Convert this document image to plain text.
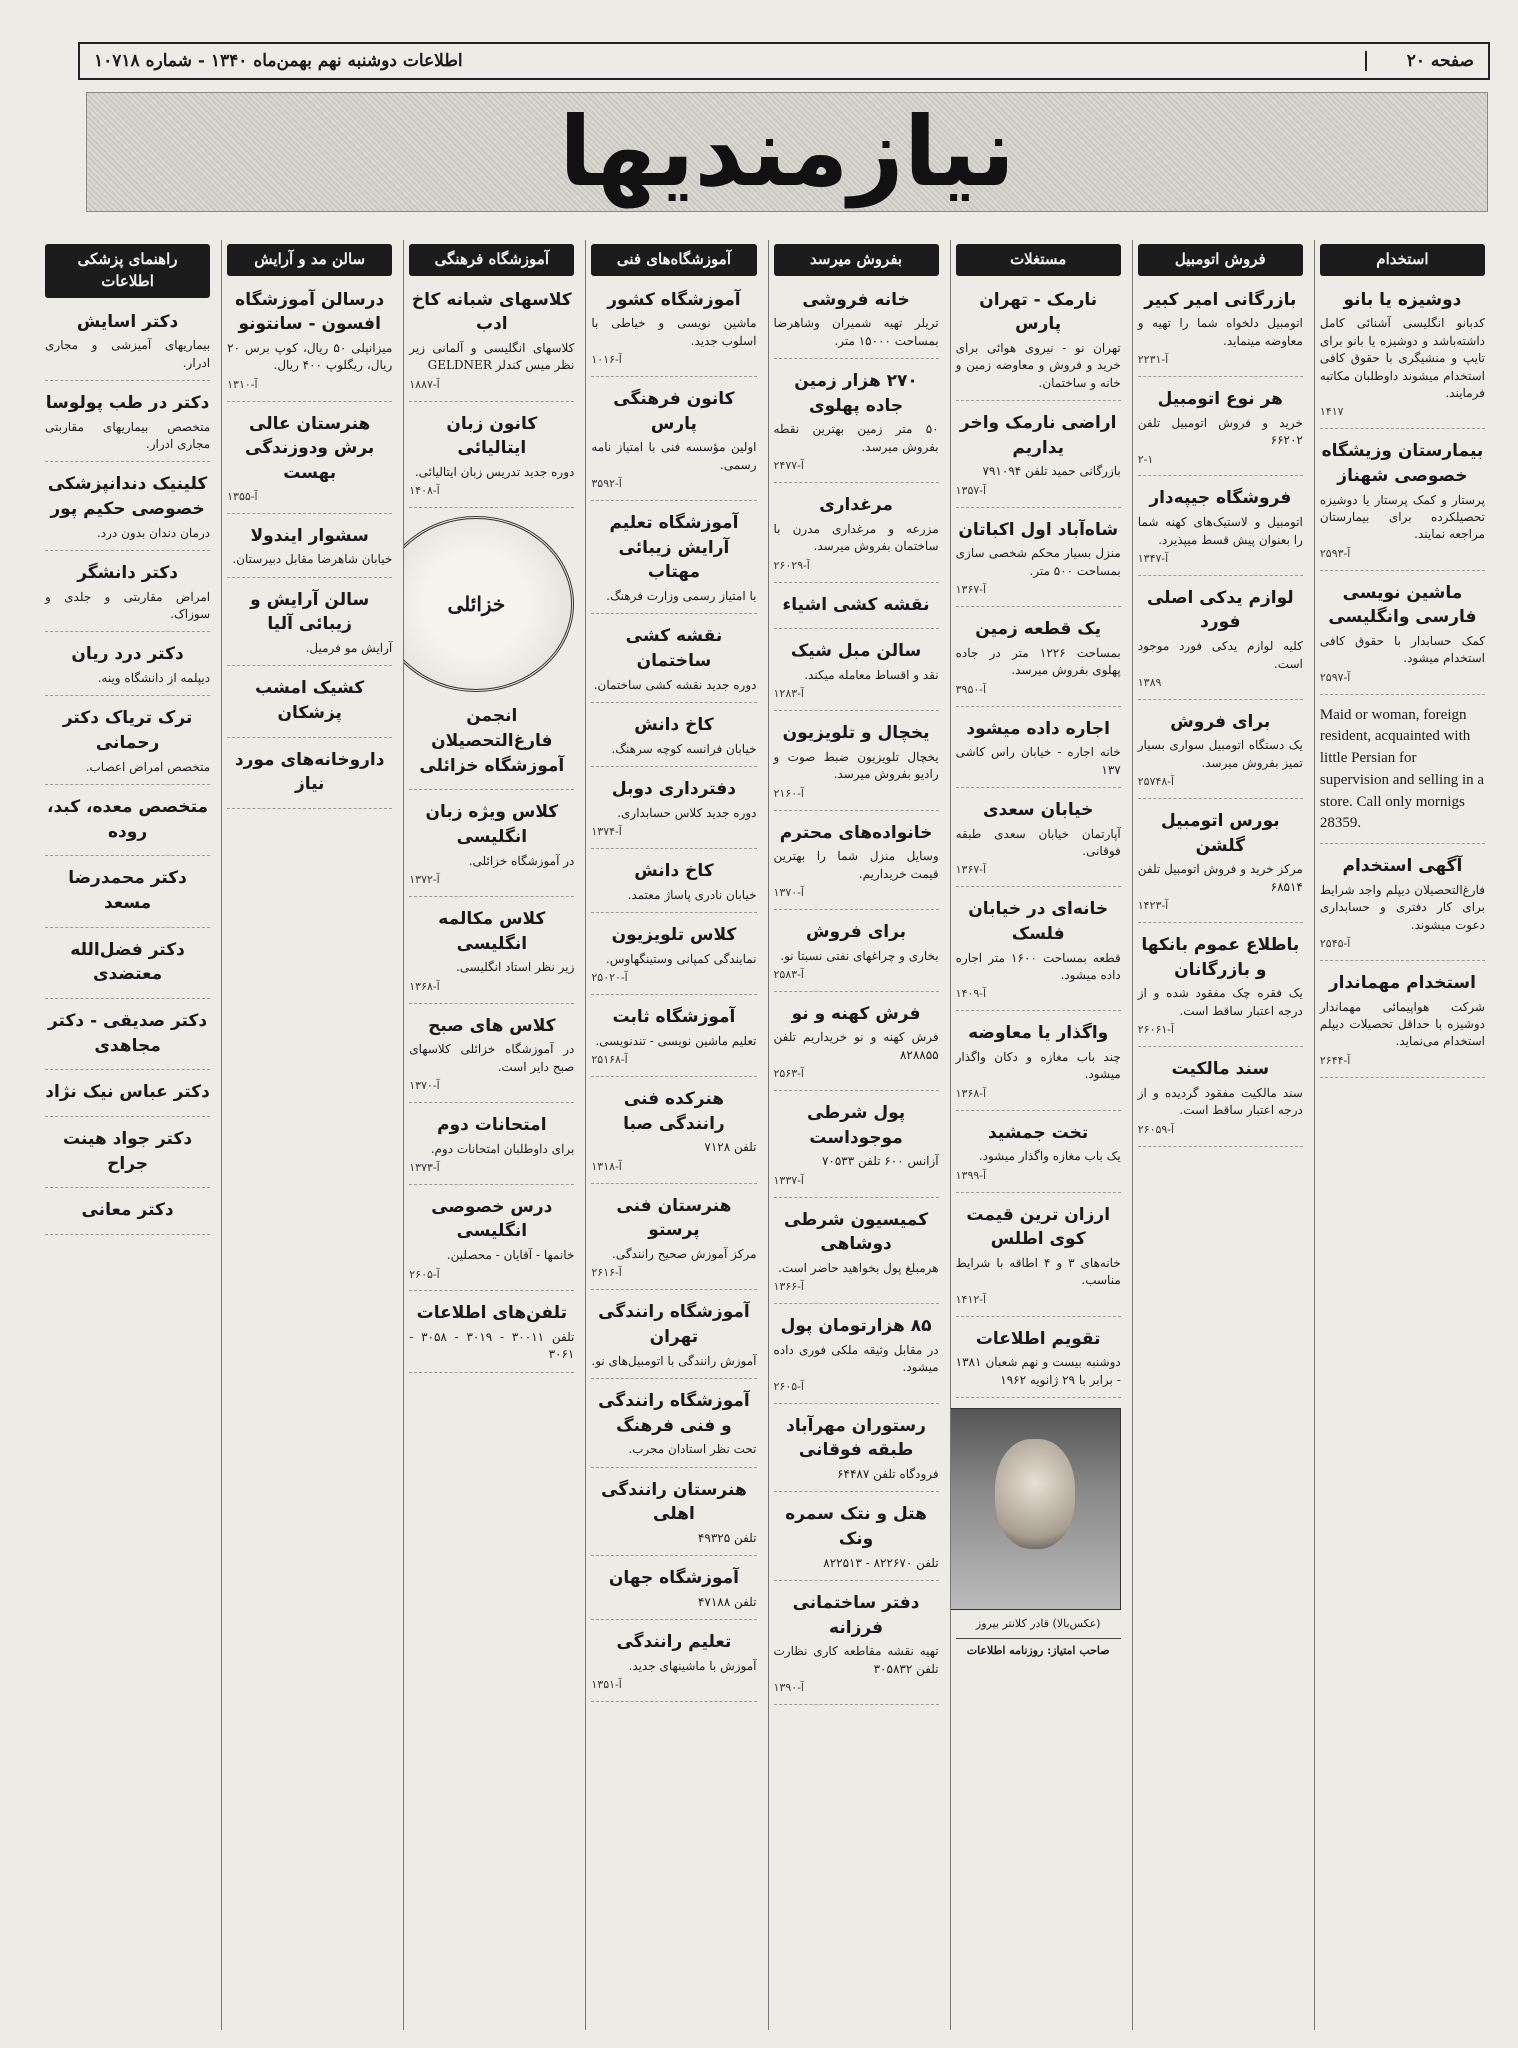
صفحه ۲۰
اطلاعات دوشنبه نهم بهمن‌ماه ۱۳۴۰ - شماره ۱۰۷۱۸
نیازمندیها
استخدام
دوشیزه یا بانو
کدبانو انگلیسی آشنائی کامل داشته‌باشد و دوشیزه یا بانو برای تایپ و منشیگری با حقوق کافی استخدام میشوند داوطلبان مکاتبه فرمایند.
۱۴۱۷
بیمارستان وزیشگاه خصوصی شهناز
پرستار و کمک پرستار یا دوشیزه تحصیلکرده برای بیمارستان مراجعه نمایند.
آ-۲۵۹۳
ماشین نویسی فارسی وانگلیسی
کمک حسابدار با حقوق کافی استخدام میشود.
آ-۲۵۹۷
Maid or woman, foreign resident, acquainted with little Persian for supervision and selling in a store. Call only mornigs 28359.
آگهی استخدام
فارغ‌التحصیلان دیپلم واجد شرایط برای کار دفتری و حسابداری دعوت میشوند.
آ-۲۵۴۵
استخدام مهماندار
شرکت هواپیمائی مهماندار دوشیزه با حداقل تحصیلات دیپلم استخدام می‌نماید.
آ-۲۶۴۴
فروش اتومبیل
بازرگانی امیر کبیر
اتومبیل دلخواه شما را تهیه و معاوضه مینماید.
آ-۲۲۳۱
هر نوع اتومبیل
خرید و فروش اتومبیل تلفن ۶۶۲۰۲
۲-۱
فروشگاه جیپه‌دار
اتومبیل و لاستیک‌های کهنه شما را بعنوان پیش قسط میپذیرد.
آ-۱۳۴۷
لوازم یدکی اصلی فورد
کلیه لوازم یدکی فورد موجود است.
۱۳۸۹
برای فروش
یک دستگاه اتومبیل سواری بسیار تمیز بفروش میرسد.
آ-۲۵۷۴۸
بورس اتومبیل گلشن
مرکز خرید و فروش اتومبیل تلفن ۶۸۵۱۴
آ-۱۴۲۳
باطلاع عموم بانکها و بازرگانان
یک فقره چک مفقود شده و از درجه اعتبار ساقط است.
آ-۲۶۰۶۱
سند مالکیت
سند مالکیت مفقود گردیده و از درجه اعتبار ساقط است.
آ-۲۶۰۵۹
مستغلات
نارمک - تهران پارس
تهران نو - نیروی هوائی برای خرید و فروش و معاوضه زمین و خانه و ساختمان.
اراضی نارمک واخر یداریم
بازرگانی حمید تلفن ۷۹۱۰۹۴
آ-۱۳۵۷
شاه‌آباد اول اکباتان
منزل بسیار محکم شخصی سازی بمساحت ۵۰۰ متر.
آ-۱۳۶۷
یک قطعه زمین
بمساحت ۱۲۲۶ متر در جاده پهلوی بفروش میرسد.
آ-۳۹۵۰
اجاره داده میشود
خانه اجاره - خیابان راس کاشی ۱۳۷
خیابان سعدی
آپارتمان خیابان سعدی طبقه فوقانی.
آ-۱۳۶۷
خانه‌ای در خیابان فلسک
قطعه بمساحت ۱۶۰۰ متر اجاره داده میشود.
آ-۱۴۰۹
واگذار یا معاوضه
چند باب مغازه و دکان واگذار میشود.
آ-۱۳۶۸
تخت جمشید
یک باب مغازه واگذار میشود.
آ-۱۳۹۹
ارزان ترین قیمت کوی اطلس
خانه‌های ۳ و ۴ اطاقه با شرایط مناسب.
آ-۱۴۱۲
تقویم اطلاعات
دوشنبه بیست و نهم شعبان ۱۳۸۱ - برابر با ۲۹ ژانویه ۱۹۶۲
(عکس‌بالا) قادر کلانتر بیروز
صاحب امتیاز: روزنامه اطلاعات
بفروش میرسد
خانه فروشی
تریلر تهیه شمیران وشاهرضا بمساحت ۱۵۰۰۰ متر.
۲۷۰ هزار زمین جاده پهلوی
۵۰ متر زمین بهترین نقطه بفروش میرسد.
آ-۲۴۷۷
مرغداری
مزرعه و مرغداری مدرن با ساختمان بفروش میرسد.
آ-۲۶۰۲۹
نقشه کشی اشیاء
سالن مبل شیک
نقد و اقساط معامله میکند.
آ-۱۲۸۳
یخچال و تلویزیون
یخچال تلویزیون ضبط صوت و رادیو بفروش میرسد.
آ-۲۱۶۰
خانواده‌های محترم
وسایل منزل شما را بهترین قیمت خریداریم.
آ-۱۳۷۰
برای فروش
بخاری و چراغهای نفتی نسبتا نو.
آ-۲۵۸۳
فرش کهنه و نو
فرش کهنه و نو خریداریم تلفن ۸۲۸۸۵۵
آ-۲۵۶۳
پول شرطی موجوداست
آزانس ۶۰۰ تلفن ۷۰۵۳۳
آ-۱۳۳۷
کمیسیون شرطی دوشاهی
هرمبلغ پول بخواهید حاضر است.
آ-۱۳۶۶
۸۵ هزارتومان پول
در مقابل وثیقه ملکی فوری داده میشود.
آ-۲۶۰۵
رستوران مهرآباد طبقه فوقانی
فرودگاه تلفن ۶۴۴۸۷
هتل و نتک سمره ونک
تلفن ۸۲۲۶۷۰ - ۸۲۲۵۱۳
دفتر ساختمانی فرزانه
تهیه نقشه مقاطعه کاری نظارت تلفن ۳۰۵۸۳۲
آ-۱۳۹۰
آموزشگاه‌های فنی
آموزشگاه کشور
ماشین نویسی و خیاطی با اسلوب جدید.
آ-۱۰۱۶
کانون فرهنگی پارس
اولین مؤسسه فنی با امتیاز نامه رسمی.
آ-۳۵۹۲
آموزشگاه تعلیم آرایش زیبائی مهتاب
با امتیاز رسمی وزارت فرهنگ.
نقشه کشی ساختمان
دوره جدید نقشه کشی ساختمان.
کاخ دانش
خیابان فرانسه کوچه سرهنگ.
دفترداری دوبل
دوره جدید کلاس حسابداری.
آ-۱۳۷۴
کاخ دانش
خیابان نادری پاساژ معتمد.
کلاس تلویزیون
نمایندگی کمپانی وستینگهاوس.
آ-۲۵۰۲۰
آموزشگاه ثابت
تعلیم ماشین نویسی - تندنویسی.
آ-۲۵۱۶۸
هنرکده فنی رانندگی صبا
تلفن ۷۱۲۸
آ-۱۳۱۸
هنرستان فنی پرستو
مرکز آموزش صحیح رانندگی.
آ-۲۶۱۶
آموزشگاه رانندگی تهران
آموزش رانندگی با اتومبیل‌های نو.
آموزشگاه رانندگی و فنی فرهنگ
تحت نظر استادان مجرب.
هنرستان رانندگی اهلی
تلفن ۴۹۳۲۵
آموزشگاه جهان
تلفن ۴۷۱۸۸
تعلیم رانندگی
آموزش با ماشینهای جدید.
آ-۱۳۵۱
آموزشگاه فرهنگی
کلاسهای شبانه کاخ ادب
کلاسهای انگلیسی و آلمانی زیر نظر میس کندلر GELDNER
آ-۱۸۸۷
کانون زبان ایتالیائی
دوره جدید تدریس زبان ایتالیائی.
آ-۱۴۰۸
خزائلی
انجمن فارغ‌التحصیلان آموزشگاه خزائلی
کلاس ویژه زبان انگلیسی
در آموزشگاه خزائلی.
آ-۱۳۷۲
کلاس مکالمه انگلیسی
زیر نظر استاد انگلیسی.
آ-۱۳۶۸
کلاس های صبح
در آموزشگاه خزائلی کلاسهای صبح دایر است.
آ-۱۳۷۰
امتحانات دوم
برای داوطلبان امتحانات دوم.
آ-۱۳۷۳
درس خصوصی انگلیسی
خانمها - آقایان - محصلین.
آ-۲۶۰۵
تلفن‌های اطلاعات
تلفن ۳۰۰۱۱ - ۳۰۱۹ - ۳۰۵۸ - ۳۰۶۱
سالن مد و آرایش
درسالن آموزشگاه افسون - سانتونو
میزانپلی ۵۰ ریال، کوپ برس ۲۰ ریال، ریگلوپ ۴۰۰ ریال.
آ-۱۳۱۰
هنرستان عالی برش ودوزندگی بهست
آ-۱۳۵۵
سشوار ایندولا
خیابان شاهرضا مقابل دبیرستان.
سالن آرایش و زیبائی آلیا
آرایش مو فرمیل.
کشیک امشب پزشکان
داروخانه‌های مورد نیاز
راهنمای پزشکی اطلاعات
دکتر اسایش
بیماریهای آمیزشی و مجاری ادرار.
دکتر در طب پولوسا
متخصص بیماریهای مقاربتی مجاری ادرار.
کلینیک دندانپزشکی خصوصی حکیم پور
درمان دندان بدون درد.
دکتر دانشگر
امراض مقاربتی و جلدی و سوزاک.
دکتر درد ریان
دیپلمه از دانشگاه وینه.
ترک تریاک دکتر رحمانی
متخصص امراض اعصاب.
متخصص معده، کبد، روده
دکتر محمدرضا مسعد
دکتر فضل‌الله معتضدی
دکتر صدیقی - دکتر مجاهدی
دکتر عباس نیک نژاد
دکتر جواد هینت جراح
دکتر معانی
